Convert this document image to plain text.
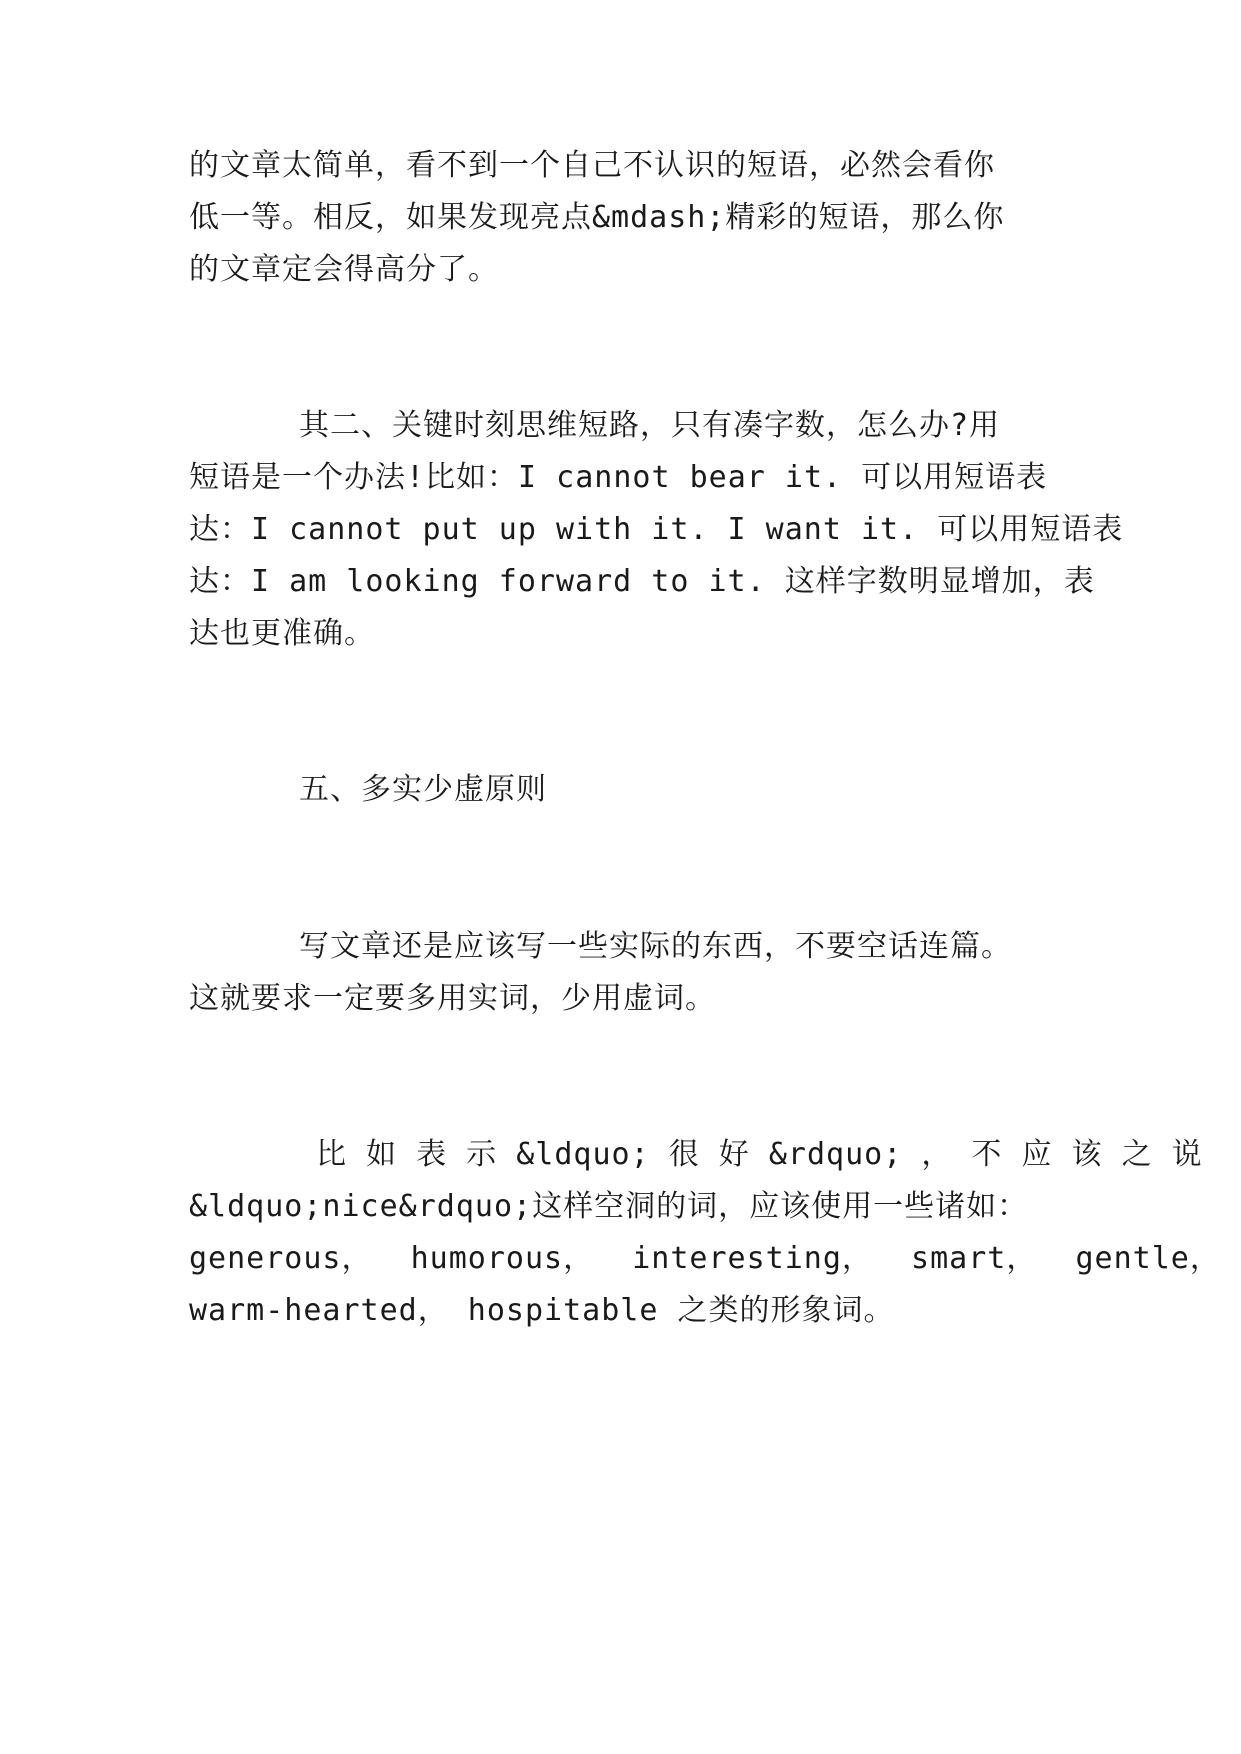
的文章太简单，看不到一个自己不认识的短语，必然会看你

低一等。相反，如果发现亮点&mdash;精彩的短语，那么你

的文章定会得高分了。

其二、关键时刻思维短路，只有凑字数，怎么办?用

短语是一个办法!比如：I cannot bear it. 可以用短语表

达：I cannot put up with it. I want it. 可以用短语表

达：I am looking forward to it. 这样字数明显增加，表

达也更准确。

五、多实少虚原则

写文章还是应该写一些实际的东西，不要空话连篇。

这就要求一定要多用实词，少用虚词。

比 如 表 示 &ldquo; 很 好 &rdquo; ， 不 应 该 之 说

&ldquo;nice&rdquo;这样空洞的词，应该使用一些诸如：

generous，  humorous，  interesting，  smart，  gentle，

warm-hearted， hospitable 之类的形象词。
